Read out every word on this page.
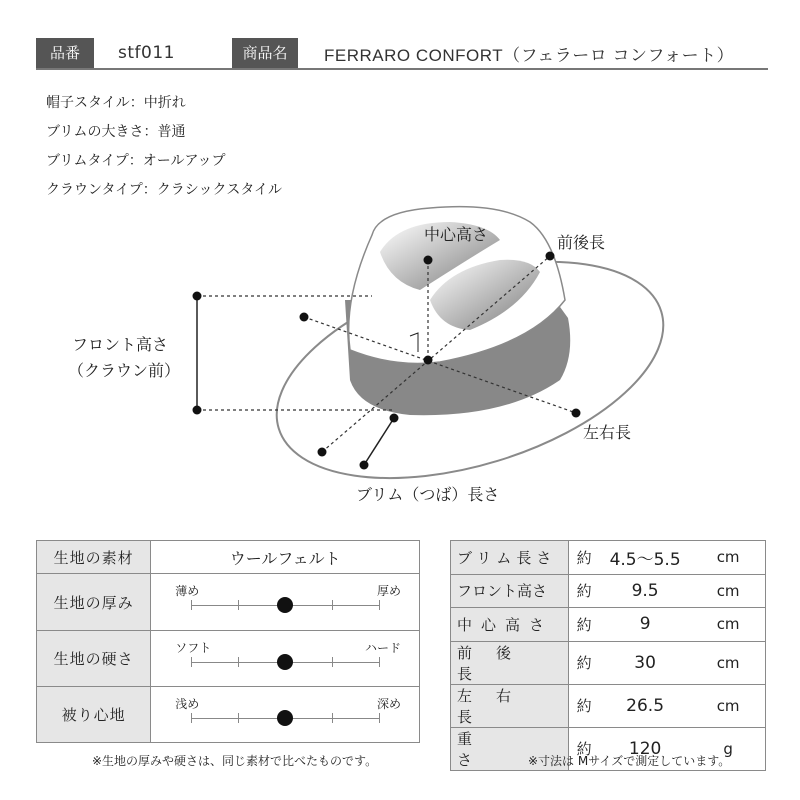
品番	stf011	商品名	FERRARO CONFORT（フェラーロ コンフォート）
帽子スタイル：中折れ
ブリムの大きさ：普通
ブリムタイプ：オールアップ
クラウンタイプ：クラシックスタイル
中心高さ	前後長
フロント高さ
（クラウン前）
左右長
ブリム（つば）長さ
生地の素材	ウールフェルト
生地の厚み	薄め 厚め

生地の硬さ	ソフト ハード

被り心地	浅め 深め
ブリム長さ	約	4.5〜5.5	cm
フロント高さ	約	9.5	cm
中心高さ	約	9	cm
前後長	約	30	cm
左右長	約	26.5	cm
重さ	約	120	g
※生地の厚みや硬さは、同じ素材で比べたものです。	※寸法は Mサイズで測定しています。
